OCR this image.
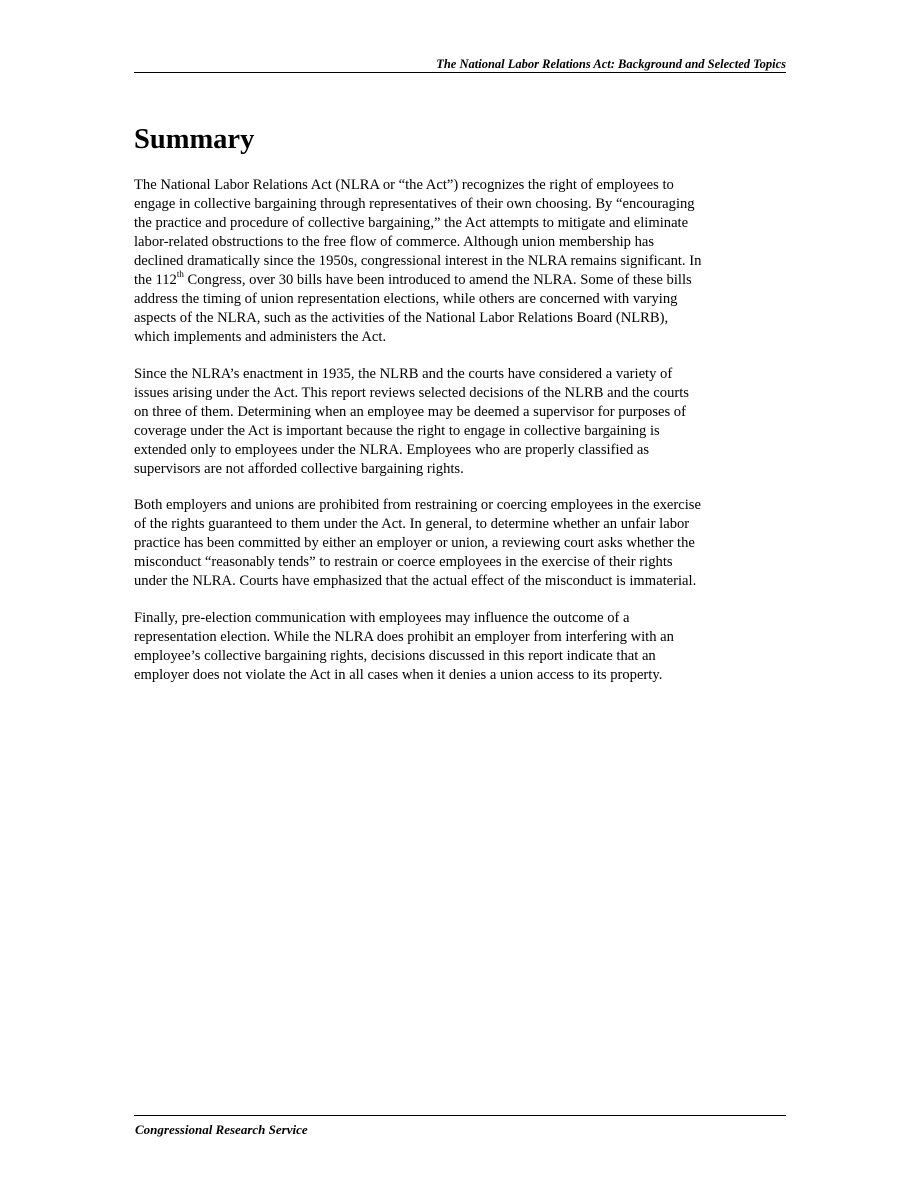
The National Labor Relations Act: Background and Selected Topics
Summary

The National Labor Relations Act (NLRA or “the Act”) recognizes the right of employees to
engage in collective bargaining through representatives of their own choosing. By “encouraging
the practice and procedure of collective bargaining,” the Act attempts to mitigate and eliminate
labor-related obstructions to the free flow of commerce. Although union membership has
declined dramatically since the 1950s, congressional interest in the NLRA remains significant. In
the 112th Congress, over 30 bills have been introduced to amend the NLRA. Some of these bills
address the timing of union representation elections, while others are concerned with varying
aspects of the NLRA, such as the activities of the National Labor Relations Board (NLRB),
which implements and administers the Act.

Since the NLRA’s enactment in 1935, the NLRB and the courts have considered a variety of
issues arising under the Act. This report reviews selected decisions of the NLRB and the courts
on three of them. Determining when an employee may be deemed a supervisor for purposes of
coverage under the Act is important because the right to engage in collective bargaining is
extended only to employees under the NLRA. Employees who are properly classified as
supervisors are not afforded collective bargaining rights.

Both employers and unions are prohibited from restraining or coercing employees in the exercise
of the rights guaranteed to them under the Act. In general, to determine whether an unfair labor
practice has been committed by either an employer or union, a reviewing court asks whether the
misconduct “reasonably tends” to restrain or coerce employees in the exercise of their rights
under the NLRA. Courts have emphasized that the actual effect of the misconduct is immaterial.

Finally, pre-election communication with employees may influence the outcome of a
representation election. While the NLRA does prohibit an employer from interfering with an
employee’s collective bargaining rights, decisions discussed in this report indicate that an
employer does not violate the Act in all cases when it denies a union access to its property.

Congressional Research Service
